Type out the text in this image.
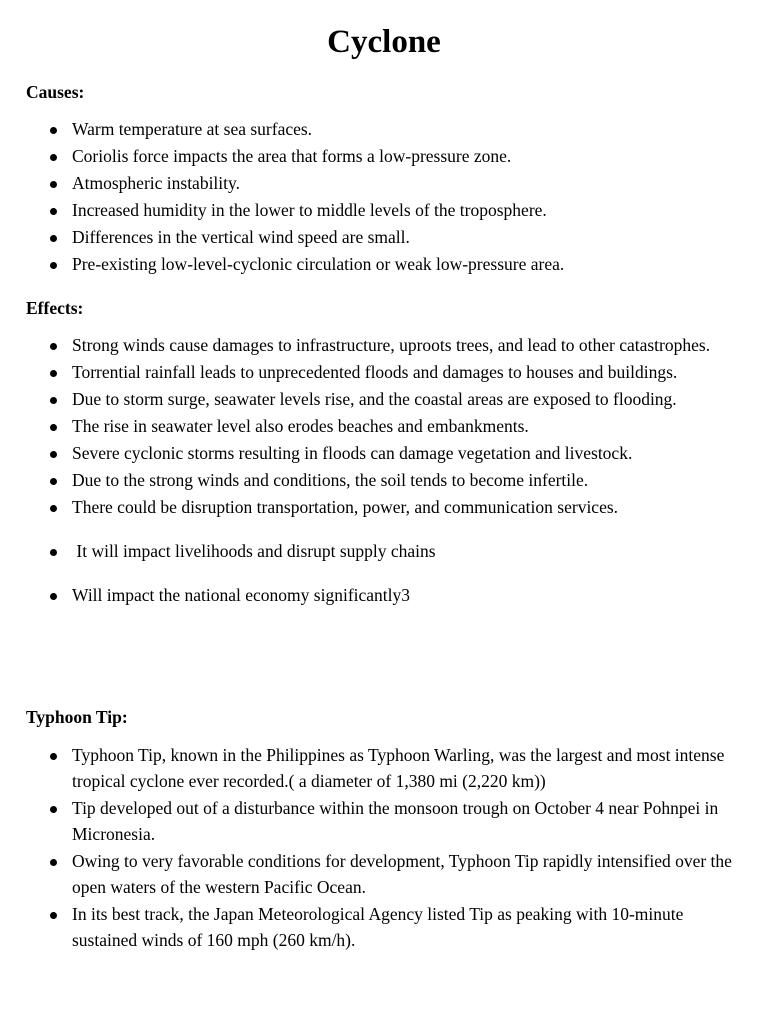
Cyclone
Causes:
Warm temperature at sea surfaces.
Coriolis force impacts the area that forms a low-pressure zone.
Atmospheric instability.
Increased humidity in the lower to middle levels of the troposphere.
Differences in the vertical wind speed are small.
Pre-existing low-level-cyclonic circulation or weak low-pressure area.
Effects:
Strong winds cause damages to infrastructure, uproots trees, and lead to other catastrophes.
Torrential rainfall leads to unprecedented floods and damages to houses and buildings.
Due to storm surge, seawater levels rise, and the coastal areas are exposed to flooding.
The rise in seawater level also erodes beaches and embankments.
Severe cyclonic storms resulting in floods can damage vegetation and livestock.
Due to the strong winds and conditions, the soil tends to become infertile.
There could be disruption transportation, power, and communication services.
It will impact livelihoods and disrupt supply chains
Will impact the national economy significantly3
Typhoon Tip:
Typhoon Tip, known in the Philippines as Typhoon Warling, was the largest and most intense tropical cyclone ever recorded.( a diameter of 1,380 mi (2,220 km))
Tip developed out of a disturbance within the monsoon trough on October 4 near Pohnpei in Micronesia.
Owing to very favorable conditions for development, Typhoon Tip rapidly intensified over the open waters of the western Pacific Ocean.
In its best track, the Japan Meteorological Agency listed Tip as peaking with 10-minute sustained winds of 160 mph (260 km/h).
